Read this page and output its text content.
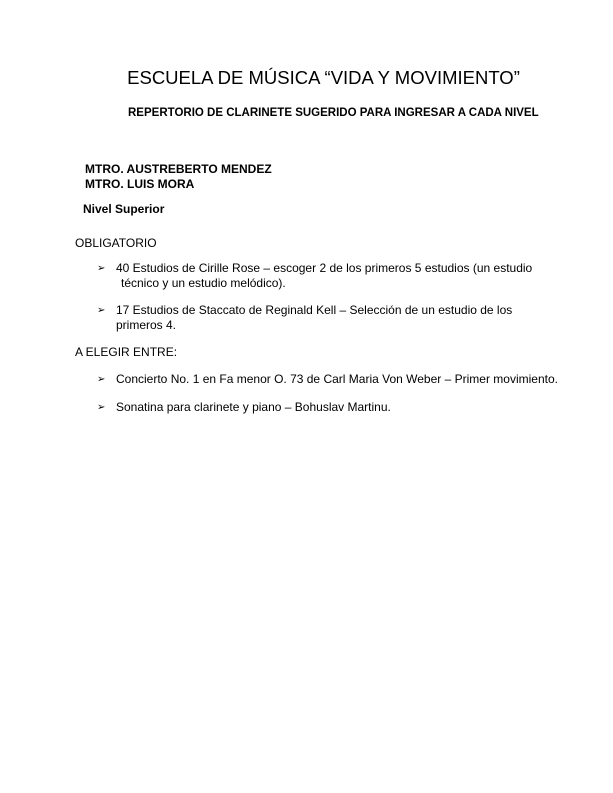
ESCUELA DE MÚSICA “VIDA Y MOVIMIENTO”
REPERTORIO DE CLARINETE SUGERIDO PARA INGRESAR A CADA NIVEL
MTRO. AUSTREBERTO MENDEZ
MTRO. LUIS MORA
Nivel Superior
OBLIGATORIO
➢ 40 Estudios de Cirille Rose – escoger 2 de los primeros 5 estudios (un estudio
técnico y un estudio melódico).
➢ 17 Estudios de Staccato de Reginald Kell – Selección de un estudio de los
primeros 4.
A ELEGIR ENTRE:
➢ Concierto No. 1 en Fa menor O. 73 de Carl Maria Von Weber – Primer movimiento.
➢ Sonatina para clarinete y piano – Bohuslav Martinu.
